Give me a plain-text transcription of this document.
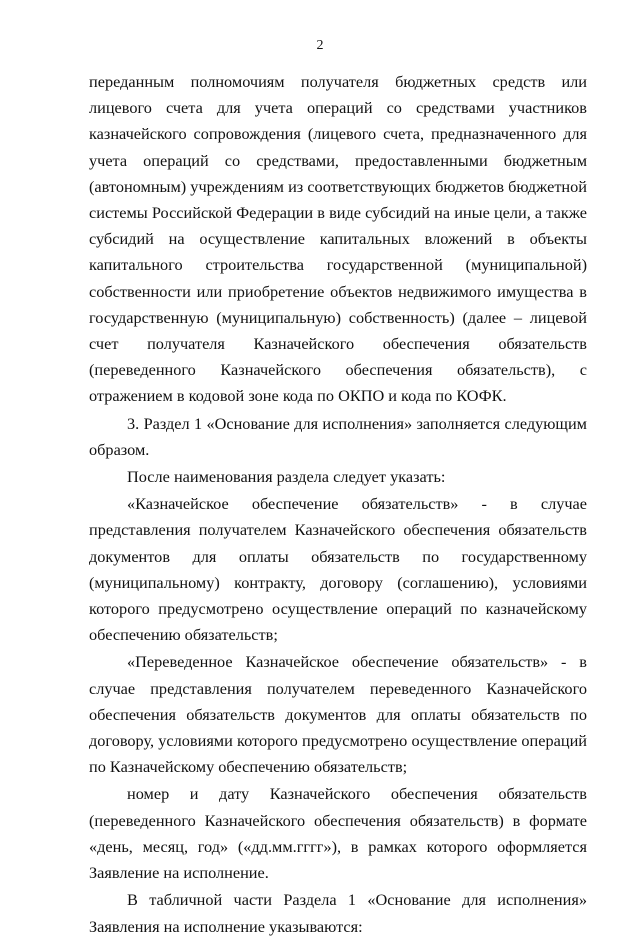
2

переданным полномочиям получателя бюджетных средств или лицевого счета для учета операций со средствами участников казначейского сопровождения (лицевого счета, предназначенного для учета операций со средствами, предоставленными бюджетным (автономным) учреждениям из соответствующих бюджетов бюджетной системы Российской Федерации в виде субсидий на иные цели, а также субсидий на осуществление капитальных вложений в объекты капитального строительства государственной (муниципальной) собственности или приобретение объектов недвижимого имущества в государственную (муниципальную) собственность) (далее – лицевой счет получателя Казначейского обеспечения обязательств (переведенного Казначейского обеспечения обязательств), с отражением в кодовой зоне кода по ОКПО и кода по КОФК.

3. Раздел 1 «Основание для исполнения» заполняется следующим образом.

После наименования раздела следует указать:

«Казначейское обеспечение обязательств» - в случае представления получателем Казначейского обеспечения обязательств документов для оплаты обязательств по государственному (муниципальному) контракту, договору (соглашению), условиями которого предусмотрено осуществление операций по казначейскому обеспечению обязательств;

«Переведенное Казначейское обеспечение обязательств» - в случае представления получателем переведенного Казначейского обеспечения обязательств документов для оплаты обязательств по договору, условиями которого предусмотрено осуществление операций по Казначейскому обеспечению обязательств;

номер и дату Казначейского обеспечения обязательств (переведенного Казначейского обеспечения обязательств) в формате «день, месяц, год» («дд.мм.гггг»), в рамках которого оформляется Заявление на исполнение.

В табличной части Раздела 1 «Основание для исполнения» Заявления на исполнение указываются:
